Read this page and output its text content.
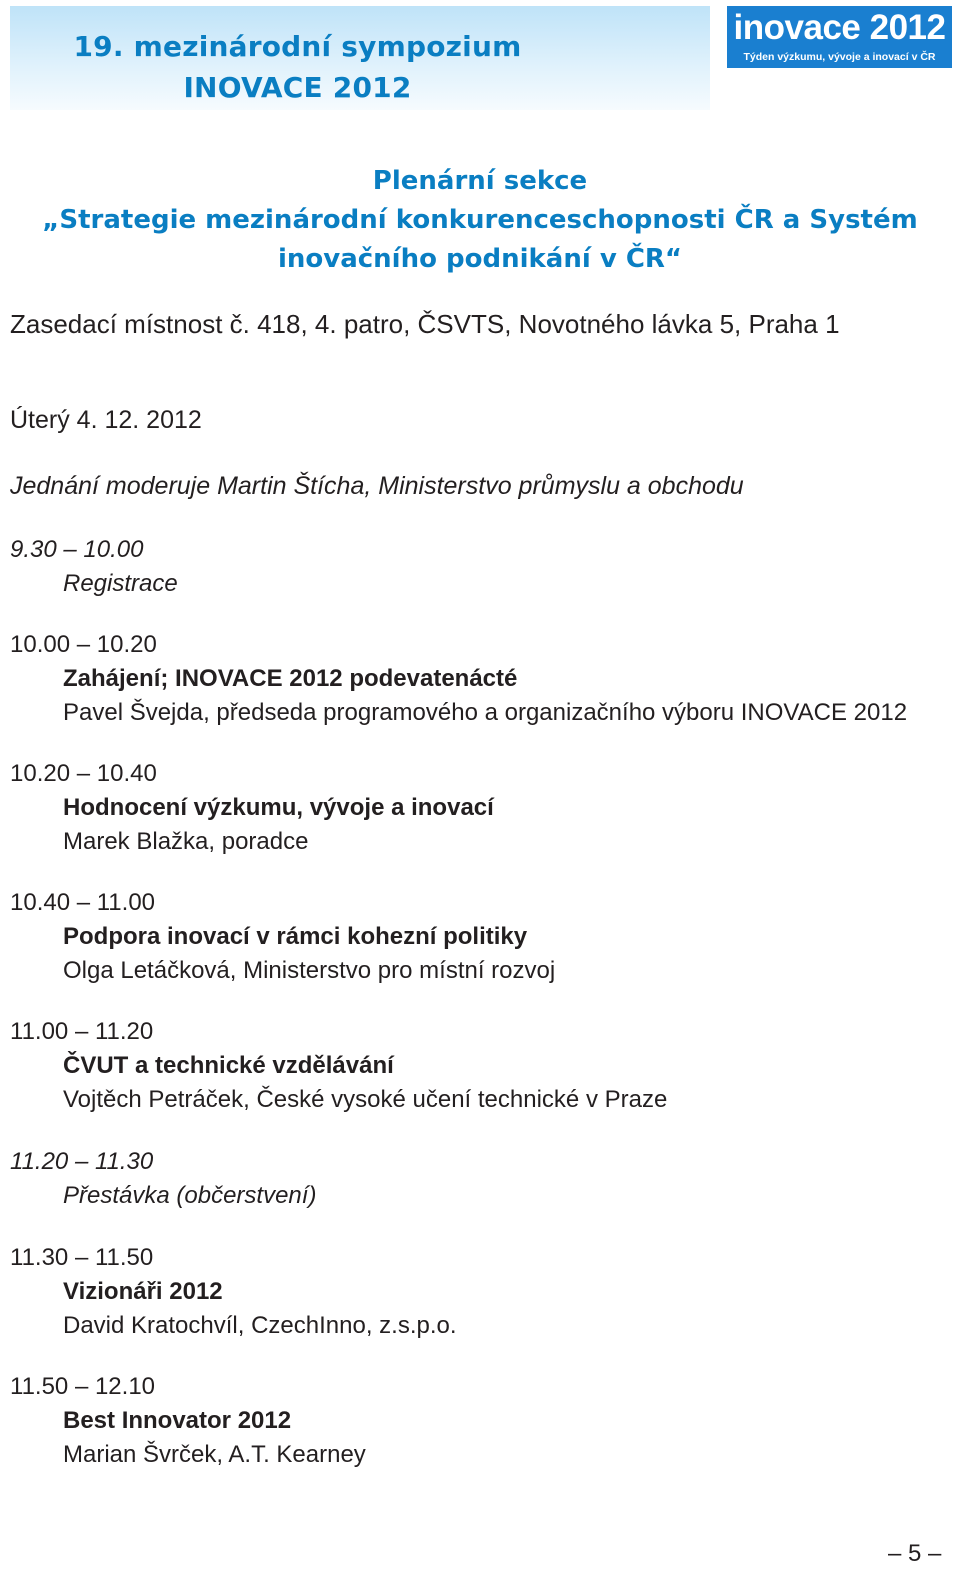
19. mezinárodní sympozium
INOVACE 2012
inovace 2012
Týden výzkumu, vývoje a inovací v ČR
Plenární sekce
„Strategie mezinárodní konkurenceschopnosti ČR a Systém
inovačního podnikání v ČR“
Zasedací místnost č. 418, 4. patro, ČSVTS, Novotného lávka 5, Praha 1
Úterý 4. 12. 2012
Jednání moderuje Martin Štícha, Ministerstvo průmyslu a obchodu
9.30 – 10.00
Registrace
10.00 – 10.20
Zahájení; INOVACE 2012 podevatenácté
Pavel Švejda, předseda programového a organizačního výboru INOVACE 2012
10.20 – 10.40
Hodnocení výzkumu, vývoje a inovací
Marek Blažka, poradce
10.40 – 11.00
Podpora inovací v rámci kohezní politiky
Olga Letáčková, Ministerstvo pro místní rozvoj
11.00 – 11.20
ČVUT a technické vzdělávání
Vojtěch Petráček, České vysoké učení technické v Praze
11.20 – 11.30
Přestávka (občerstvení)
11.30 – 11.50
Vizionáři 2012
David Kratochvíl, CzechInno, z.s.p.o.
11.50 – 12.10
Best Innovator 2012
Marian Švrček, A.T. Kearney
– 5 –
